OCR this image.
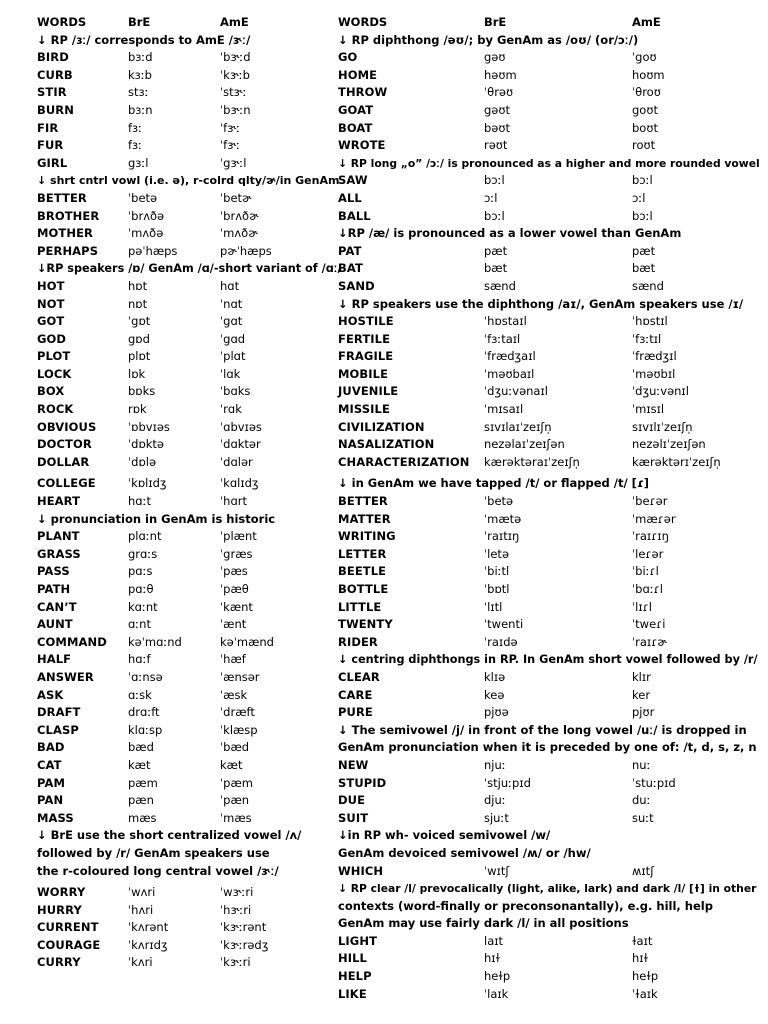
WORDS	BrE	AmE
↓ RP /ɜː/ corresponds to AmE /ɝː/
BIRD	bɜːd	ˈbɝːd
CURB	kɜːb	ˈkɝːb
STIR	stɜː	ˈstɝː
BURN	bɜːn	ˈbɝːn
FIR	fɜː	ˈfɝː
FUR	fɜː	ˈfɝː
GIRL	gɜːl	ˈgɝːl
↓ shrt cntrl vowl (i.e. ə), r-colrd qlty/ɚ/in GenAm
BETTER	ˈbetə	ˈbetɚ
BROTHER ˈbrʌðə	ˈbrʌðɚ
MOTHER	ˈmʌðə	ˈmʌðɚ
PERHAPS	pəˈhæps	pɚˈhæps
↓RP speakers /ɒ/ GenAm /ɑ/-short variant of /ɑː/
HOT	hɒt	hɑt
NOT	nɒt	ˈnɑt
GOT	ˈgɒt	ˈgɑt
GOD	gɒd	ˈgɑd
PLOT	plɒt	ˈplɑt
LOCK	lɒk	ˈlɑk
BOX	bɒks	ˈbɑks
ROCK	rɒk	ˈrɑk
OBVIOUS	ˈɒbvɪəs	ˈɑbvɪəs
DOCTOR	ˈdɒktə	ˈdɑktər
DOLLAR	ˈdɒlə	ˈdɑlər
COLLEGE	ˈkɒlɪdʒ	ˈkɑlɪdʒ
HEART	hɑːt	ˈhɑrt
↓ pronunciation in GenAm is historic
PLANT	plɑːnt	ˈplænt
GRASS	grɑːs	ˈgræs
PASS	pɑːs	ˈpæs
PATH	pɑːθ	ˈpæθ
CAN’T	kɑːnt	ˈkænt
AUNT	ɑːnt	ˈænt
COMMAND kəˈmɑːnd	kəˈmænd
HALF	hɑːf	ˈhæf
ANSWER	ˈɑːnsə	ˈænsər
ASK	ɑːsk	ˈæsk
DRAFT	drɑːft	ˈdræft
CLASP	klɑːsp	ˈklæsp
BAD	bæd	ˈbæd
CAT	kæt	kæt
PAM	pæm	ˈpæm
PAN	pæn	ˈpæn
MASS	mæs	ˈmæs
↓ BrE use the short centralized vowel /ʌ/
followed by /r/ GenAm speakers use
the r-coloured long central vowel /ɝː/
WORRY	ˈwʌri	ˈwɝːri
HURRY	ˈhʌri	ˈhɝːri
CURRENT	ˈkʌrənt	ˈkɝːrənt
COURAGE ˈkʌrɪdʒ	ˈkɝːrədʒ
CURRY	ˈkʌri	ˈkɝːri
WORDS	BrE	AmE
↓ RP diphthong /əʊ/; by GenAm as /oʊ/ (or/ɔː/)
GO	gəʊ	ˈgoʊ
HOME	həʊm	hoʊm
THROW	ˈθrəʊ	ˈθroʊ
GOAT	gəʊt	goʊt
BOAT	bəʊt	boʊt
WROTE	rəʊt	roʊt
↓ RP long „o” /ɔː/ is pronounced as a higher and more rounded vowel
SAW	bɔːl	bɔːl
ALL	ɔːl	ɔːl
BALL	bɔːl	bɔːl
↓RP /æ/ is pronounced as a lower vowel than GenAm
PAT	pæt	pæt
BAT	bæt	bæt
SAND	sænd	sænd
↓ RP speakers use the diphthong /aɪ/, GenAm speakers use /ɪ/
HOSTILE	ˈhɒstaɪl	ˈhɒstɪl
FERTILE	ˈfɜːtaɪl	ˈfɜːtɪl
FRAGILE	ˈfrædʒaɪl	ˈfrædʒɪl
MOBILE	ˈməʊbaɪl	ˈməʊbɪl
JUVENILE	ˈdʒuːvənaɪl	ˈdʒuːvənɪl
MISSILE	ˈmɪsaɪl	ˈmɪsɪl
CIVILIZATION	sɪvɪlaɪˈzeɪʃn̩	sɪvɪlɪˈzeɪʃn̩
NASALIZATION	nezəlaɪˈzeɪʃən	nezəlɪˈzeɪʃən
CHARACTERIZATION kærəktəraɪˈzeɪʃn̩	kærəktərɪˈzeɪʃn̩
↓ in GenAm we have tapped /t/ or flapped /t/ [ɾ]
BETTER	ˈbetə	ˈbeɾər
MATTER	ˈmætə	ˈmæɾər
WRITING	ˈraɪtɪŋ	ˈraɪɾɪŋ
LETTER	ˈletə	ˈleɾər
BEETLE	ˈbiːtl	ˈbiːɾl
BOTTLE	ˈbɒtl	ˈbɑːɾl
LITTLE	ˈlɪtl	ˈlɪɾl
TWENTY	ˈtwenti	ˈtweɾi
RIDER	ˈraɪdə	ˈraɪɾɚ
↓ centring diphthongs in RP. In GenAm short vowel followed by /r/
CLEAR	klɪə	klɪr
CARE	keə	ker
PURE	pjʊə	pjʊr
↓ The semivowel /j/ in front of the long vowel /uː/ is dropped in
GenAm pronunciation when it is preceded by one of: /t, d, s, z, n
NEW	njuː	nuː
STUPID	ˈstjuːpɪd	ˈstuːpɪd
DUE	djuː	duː
SUIT	sjuːt	suːt
↓in RP wh- voiced semivowel /w/
GenAm devoiced semivowel /ʍ/ or /hw/
WHICH	ˈwɪtʃ	ʍɪtʃ
↓ RP clear /l/ prevocalically (light, alike, lark) and dark /l/ [ɫ] in other
contexts (word-finally or preconsonantally), e.g. hill, help
GenAm may use fairly dark /l/ in all positions
LIGHT	laɪt	ɫaɪt
HILL	hɪɫ	hɪɫ
HELP	heɫp	heɫp
LIKE	ˈlaɪk	ˈɫaɪk
